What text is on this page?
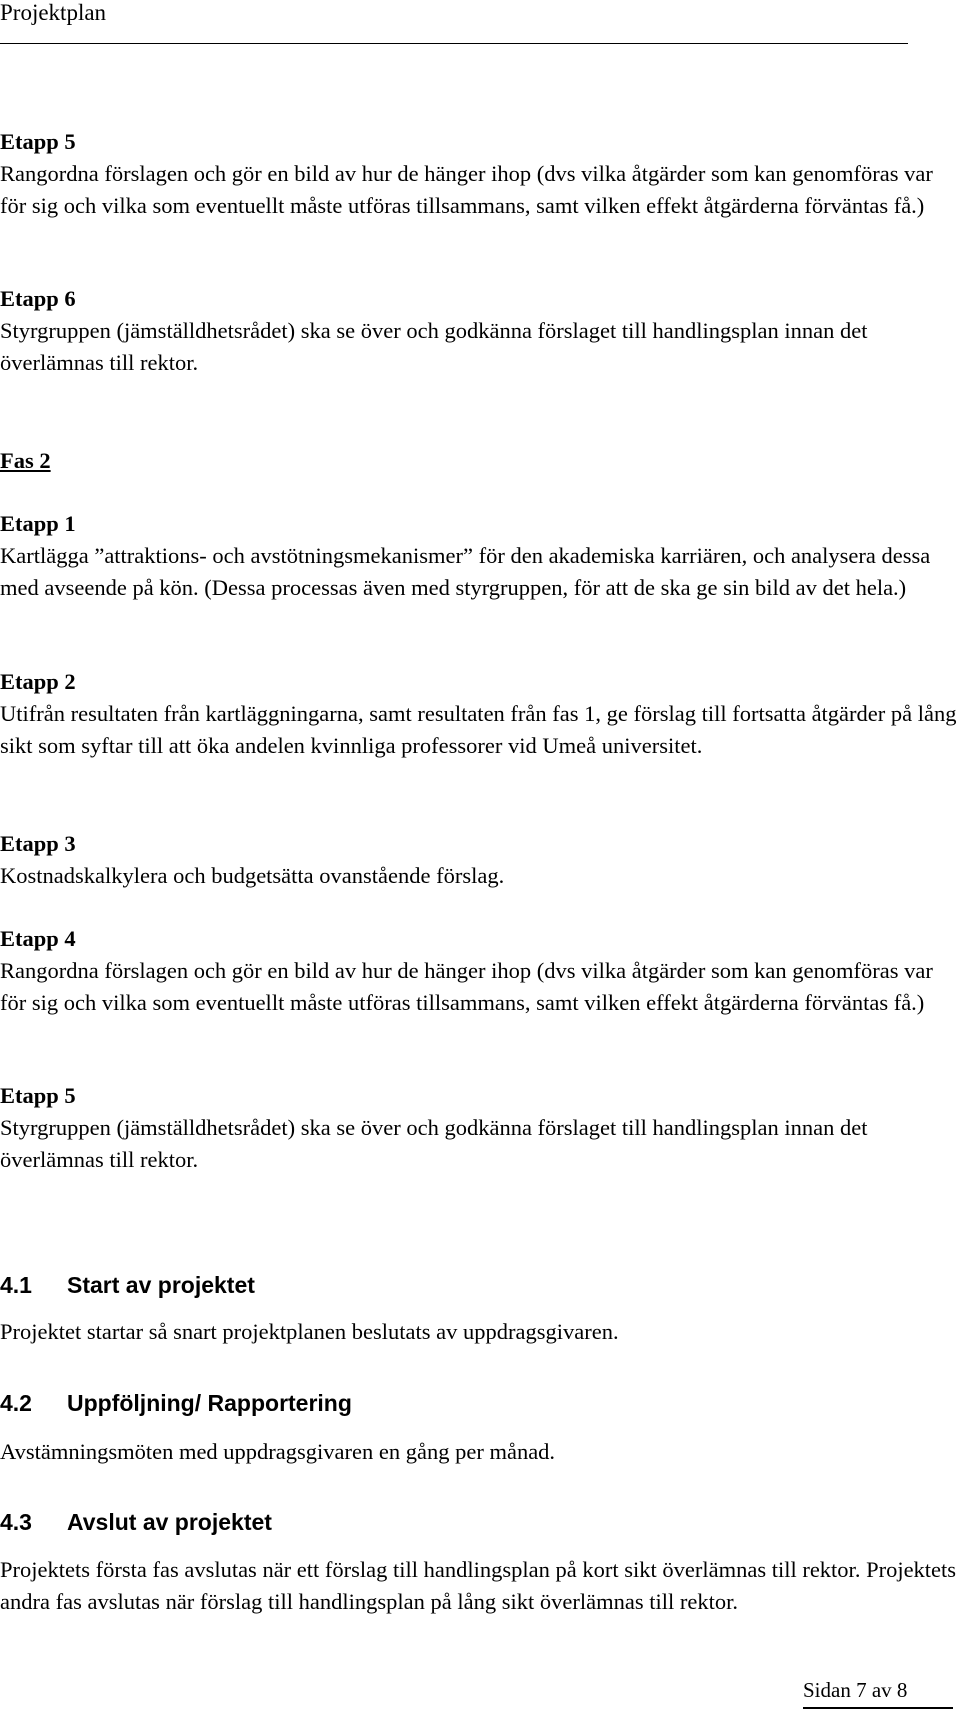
Projektplan
Etapp 5
Rangordna förslagen och gör en bild av hur de hänger ihop (dvs vilka åtgärder som kan genomföras var för sig och vilka som eventuellt måste utföras tillsammans, samt vilken effekt åtgärderna förväntas få.)
Etapp 6
Styrgruppen (jämställdhetsrådet) ska se över och godkänna förslaget till handlingsplan innan det överlämnas till rektor.
Fas 2
Etapp 1
Kartlägga ”attraktions- och avstötningsmekanismer” för den akademiska karriären, och analysera dessa med avseende på kön. (Dessa processas även med styrgruppen, för att de ska ge sin bild av det hela.)
Etapp 2
Utifrån resultaten från kartläggningarna, samt resultaten från fas 1, ge förslag till fortsatta åtgärder på lång sikt som syftar till att öka andelen kvinnliga professorer vid Umeå universitet.
Etapp 3
Kostnadskalkylera och budgetsätta ovanstående förslag.
Etapp 4
Rangordna förslagen och gör en bild av hur de hänger ihop (dvs vilka åtgärder som kan genomföras var för sig och vilka som eventuellt måste utföras tillsammans, samt vilken effekt åtgärderna förväntas få.)
Etapp 5
Styrgruppen (jämställdhetsrådet) ska se över och godkänna förslaget till handlingsplan innan det överlämnas till rektor.
4.1 Start av projektet
Projektet startar så snart projektplanen beslutats av uppdragsgivaren.
4.2 Uppföljning/ Rapportering
Avstämningsmöten med uppdragsgivaren en gång per månad.
4.3 Avslut av projektet
Projektets första fas avslutas när ett förslag till handlingsplan på kort sikt överlämnas till rektor. Projektets andra fas avslutas när förslag till handlingsplan på lång sikt överlämnas till rektor.
Sidan 7 av 8
